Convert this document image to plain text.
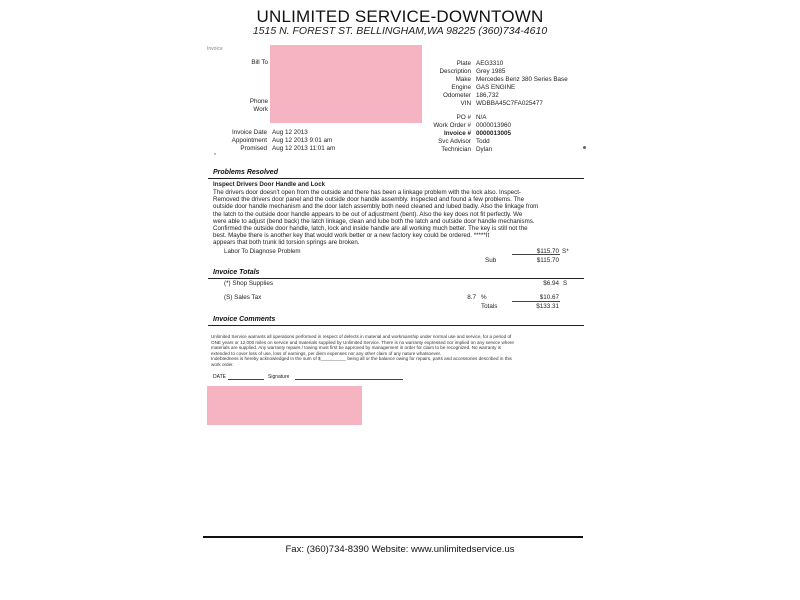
UNLIMITED SERVICE-DOWNTOWN
1515 N. FOREST ST. BELLINGHAM,WA 98225 (360)734-4610
Invoice
Bill To
Phone
Work
Plate AEG3310
Description Grey 1985
Make Mercedes Benz 380 Series Base
Engine GAS ENGINE
Odometer 186,732
VIN WDBBA45C7FA025477
PO # N/A
Work Order # 0000013960
Invoice # 0000013005
Svc Advisor Todd
Technician Dylan
Invoice Date Aug 12 2013
Appointment Aug 12 2013 9:01 am
Promised Aug 12 2013 11:01 am
Problems Resolved
Inspect Drivers Door Handle and Lock
The drivers door doesn't open from the outside and there has been a linkage problem with the lock also. Inspect-
Removed the drivers door panel and the outside door handle assembly. Inspected and found a few problems. The
outside door handle mechanism and the door latch assembly both need cleaned and lubed badly. Also the linkage from
the latch to the outside door handle appears to be out of adjustment (bent). Also the key does not fit perfectly. We
were able to adjust (bend back) the latch linkage, clean and lube both the latch and outside door handle mechanisms.
Confirmed the outside door handle, latch, lock and inside handle are all working much better. The key is still not the
best. Maybe there is another key that would work better or a new factory key could be ordered. *****It
appears that both trunk lid torsion springs are broken.
Labor To Diagnose Problem	$115.70 S*
Sub	$115.70
Invoice Totals
(*) Shop Supplies	$6.94 S
(S) Sales Tax	8.7 %	$10.67
Totals	$133.31
Invoice Comments
Unlimited Service warrants all operations performed in respect of defects in material and workmanship under normal use and service, for a period of
ONE years or 12,000 miles on service and materials supplied by Unlimited Service. There is no warranty expressed nor implied on any service where
materials are supplied. Any warranty repairs / towing must first be approved by management in order for claim to be recognized. No warranty is
extended to cover loss of use, loss of earnings, per diem expenses nor any other claim of any nature whatsoever.
Indebtedness is hereby acknowledged in the sum of $__________ being all or the balance owing for repairs, parts and accessories described in this
work order.
DATE	Signature
Fax: (360)734-8390 Website: www.unlimitedservice.us
